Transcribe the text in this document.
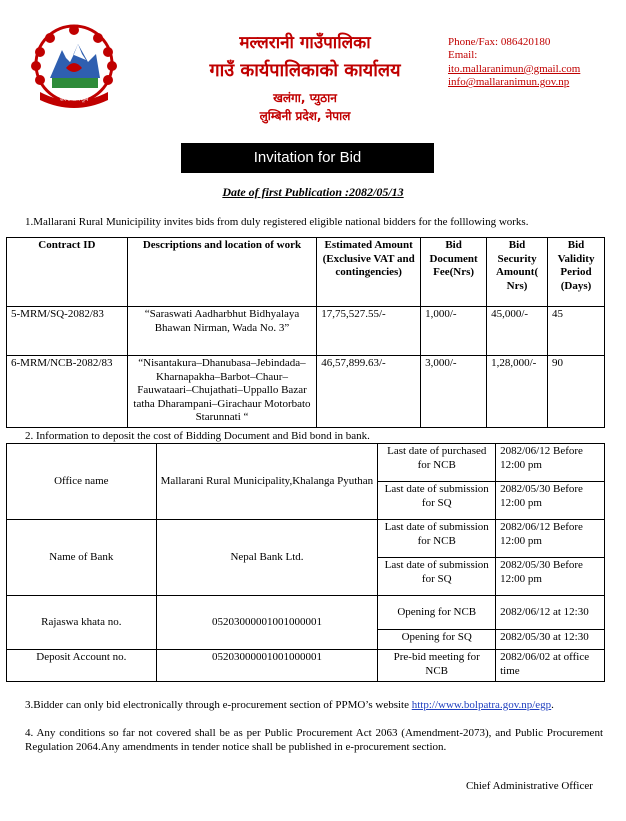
जननी जन्मभूमि
मल्लरानी गाउँपालिका
गाउँ कार्यपालिकाको कार्यालय
खलंगा, प्युठान
लुम्बिनी प्रदेश, नेपाल
Phone/Fax: 086420180
Email:
ito.mallaranimun@gmail.com
info@mallaranimun.gov.np
Invitation for Bid
Date of first Publication :2082/05/13
1.Mallarani Rural Municipility invites bids from duly registered eligible national bidders for the folllowing works.
Contract ID	Descriptions and location of work	Estimated Amount (Exclusive VAT and contingencies)	Bid Document Fee(Nrs)	Bid Security Amount( Nrs)	Bid Validity Period (Days)
5-MRM/SQ-2082/83	“Saraswati Aadharbhut Bidhyalaya Bhawan Nirman, Wada No. 3”	17,75,527.55/-	1,000/-	45,000/-	45
6-MRM/NCB-2082/83	“Nisantakura–Dhanubasa–Jebindada–Kharnapakha–Barbot–Chaur–Fauwataari–Chujathati–Uppallo Bazar tatha Dharampani–Girachaur Motorbato Starunnati “	46,57,899.63/-	3,000/-	1,28,000/-	90
2. Information to deposit the cost of Bidding Document and Bid bond in bank.
Office name	Mallarani Rural Municipality,Khalanga Pyuthan	Last date of purchased for NCB	2082/06/12 Before 12:00 pm
		Last date of submission for SQ	2082/05/30 Before 12:00 pm
Name of Bank	Nepal Bank Ltd.	Last date of submission for NCB	2082/06/12 Before 12:00 pm
		Last date of submission for SQ	2082/05/30 Before 12:00 pm
Rajaswa khata no.	05203000001001000001	Opening for NCB	2082/06/12 at 12:30
		Opening for SQ	2082/05/30 at 12:30
Deposit Account no.	05203000001001000001	Pre-bid meeting for NCB	2082/06/02 at office time
3.Bidder can only bid electronically through e-procurement section of PPMO’s website http://www.bolpatra.gov.np/egp.
4. Any conditions so far not covered shall be as per Public Procurement Act 2063 (Amendment-2073), and Public Procurement Regulation 2064.Any amendments in tender notice shall be published in e-procurement section.
Chief Administrative Officer
